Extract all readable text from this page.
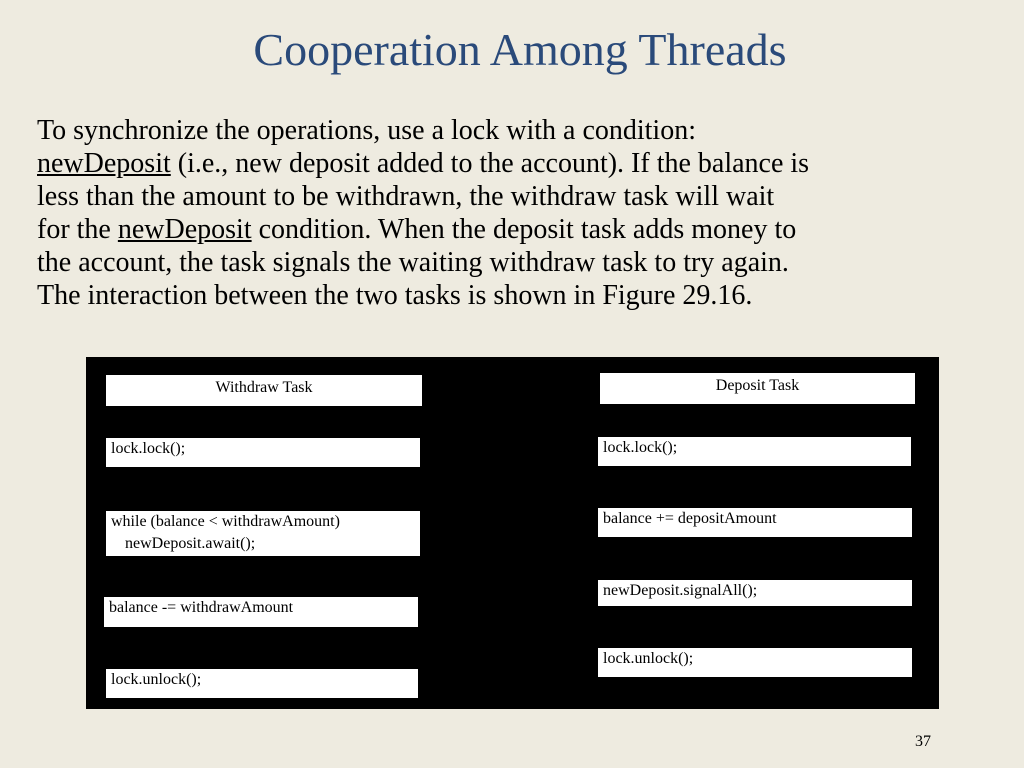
Cooperation Among Threads
To synchronize the operations, use a lock with a condition:
newDeposit (i.e., new deposit added to the account). If the balance is
less than the amount to be withdrawn, the withdraw task will wait
for the newDeposit condition. When the deposit task adds money to
the account, the task signals the waiting withdraw task to try again.
The interaction between the two tasks is shown in Figure 29.16.
Withdraw Task
lock.lock();
while (balance < withdrawAmount)
newDeposit.await();
balance -= withdrawAmount
lock.unlock();
Deposit Task
lock.lock();
balance += depositAmount
newDeposit.signalAll();
lock.unlock();
37
